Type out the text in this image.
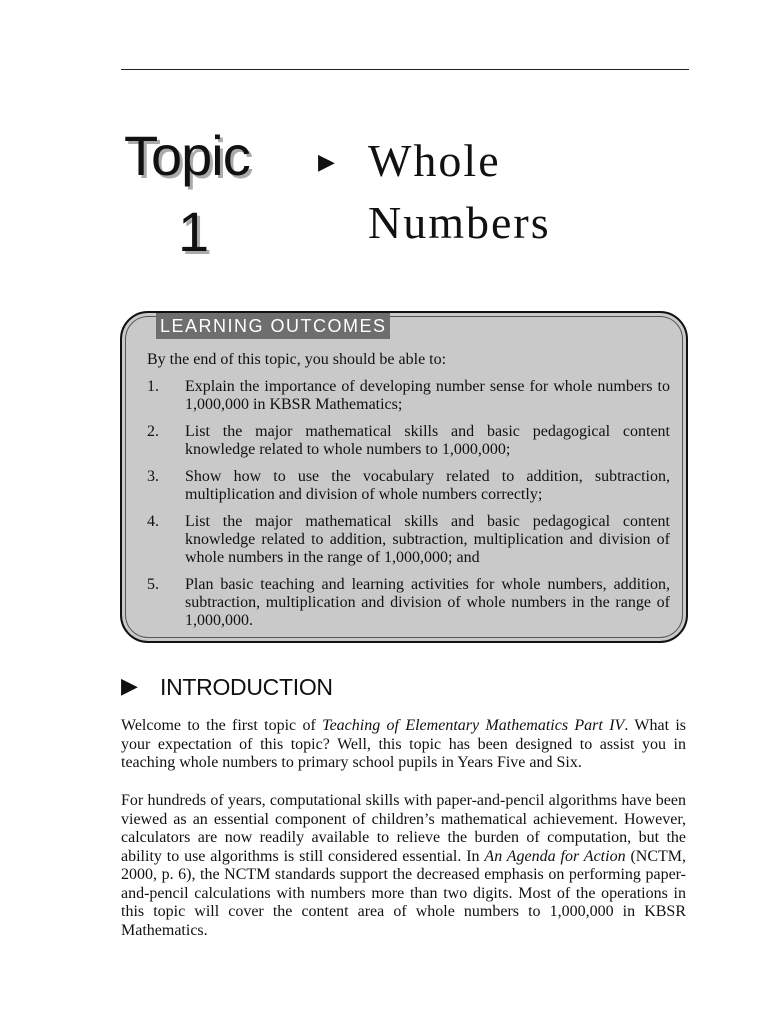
Topic
1
▶ Whole
Numbers
LEARNING OUTCOMES
By the end of this topic, you should be able to:
1. Explain the importance of developing number sense for whole numbers to 1,000,000 in KBSR Mathematics;
2. List the major mathematical skills and basic pedagogical content knowledge related to whole numbers to 1,000,000;
3. Show how to use the vocabulary related to addition, subtraction, multiplication and division of whole numbers correctly;
4. List the major mathematical skills and basic pedagogical content knowledge related to addition, subtraction, multiplication and division of whole numbers in the range of 1,000,000; and
5. Plan basic teaching and learning activities for whole numbers, addition, subtraction, multiplication and division of whole numbers in the range of 1,000,000.
▶ INTRODUCTION

Welcome to the first topic of Teaching of Elementary Mathematics Part IV. What is your expectation of this topic? Well, this topic has been designed to assist you in teaching whole numbers to primary school pupils in Years Five and Six.

For hundreds of years, computational skills with paper-and-pencil algorithms have been viewed as an essential component of children’s mathematical achievement. However, calculators are now readily available to relieve the burden of computation, but the ability to use algorithms is still considered essential. In An Agenda for Action (NCTM, 2000, p. 6), the NCTM standards support the decreased emphasis on performing paper-and-pencil calculations with numbers more than two digits. Most of the operations in this topic will cover the content area of whole numbers to 1,000,000 in KBSR Mathematics.
